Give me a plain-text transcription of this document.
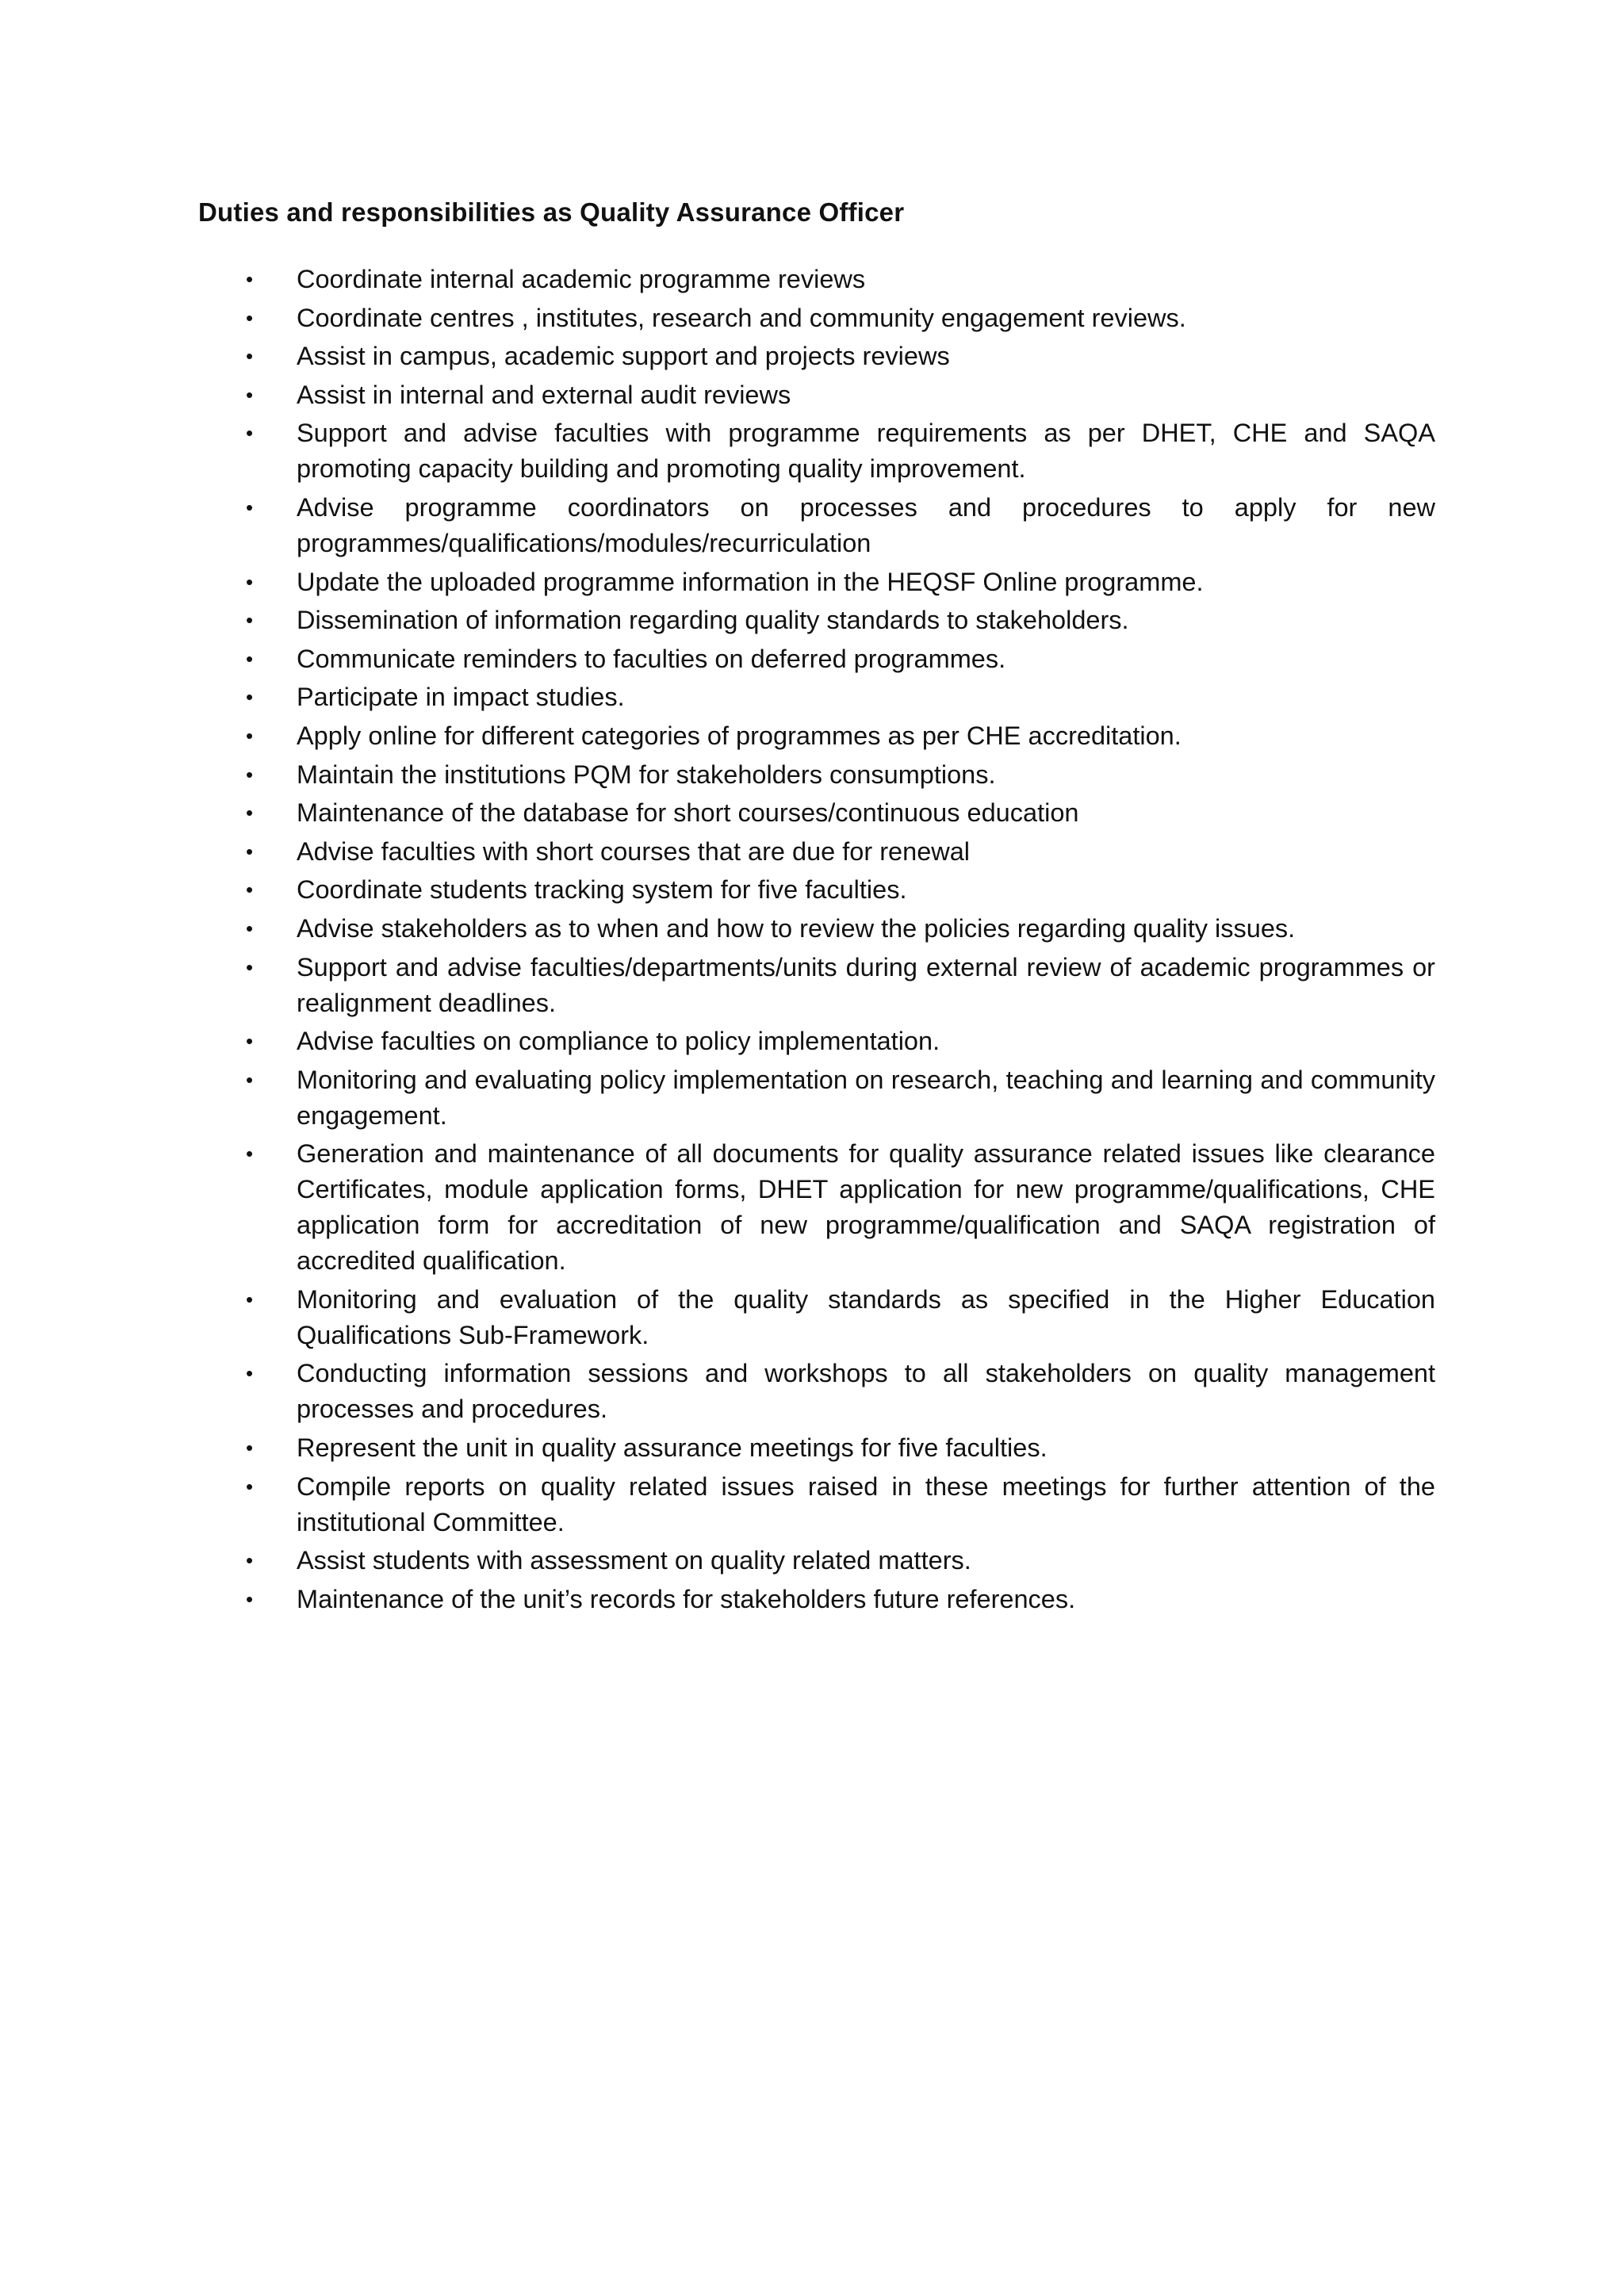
Duties and responsibilities as Quality Assurance Officer
•	Coordinate internal academic programme reviews
•	Coordinate centres , institutes, research and community engagement reviews.
•	Assist in campus, academic support and projects reviews
•	Assist in internal and external audit reviews
•	Support and advise faculties with programme requirements as per DHET, CHE and SAQA promoting capacity building and promoting quality improvement.
•	Advise programme coordinators on processes and procedures to apply for new programmes/qualifications/modules/recurriculation
•	Update the uploaded programme information in the HEQSF Online programme.
•	Dissemination of information regarding quality standards to stakeholders.
•	Communicate reminders to faculties on deferred programmes.
•	Participate in impact studies.
•	Apply online for different categories of programmes as per CHE accreditation.
•	Maintain the institutions PQM for stakeholders consumptions.
•	Maintenance of the database for short courses/continuous education
•	Advise faculties with short courses that are due for renewal
•	Coordinate students tracking system for five faculties.
•	Advise stakeholders as to when and how to review the policies regarding quality issues.
•	Support and advise faculties/departments/units during external review of academic programmes or realignment deadlines.
•	Advise faculties on compliance to policy implementation.
•	Monitoring and evaluating policy implementation on research, teaching and learning and community engagement.
•	Generation and maintenance of all documents for quality assurance related issues like clearance Certificates, module application forms, DHET application for new programme/qualifications, CHE application form for accreditation of new programme/qualification and SAQA registration of accredited qualification.
•	Monitoring and evaluation of the quality standards as specified in the Higher Education Qualifications Sub-Framework.
•	Conducting information sessions and workshops to all stakeholders on quality management processes and procedures.
•	Represent the unit in quality assurance meetings for five faculties.
•	Compile reports on quality related issues raised in these meetings for further attention of the institutional Committee.
•	Assist students with assessment on quality related matters.
•	Maintenance of the unit’s records for stakeholders future references.
